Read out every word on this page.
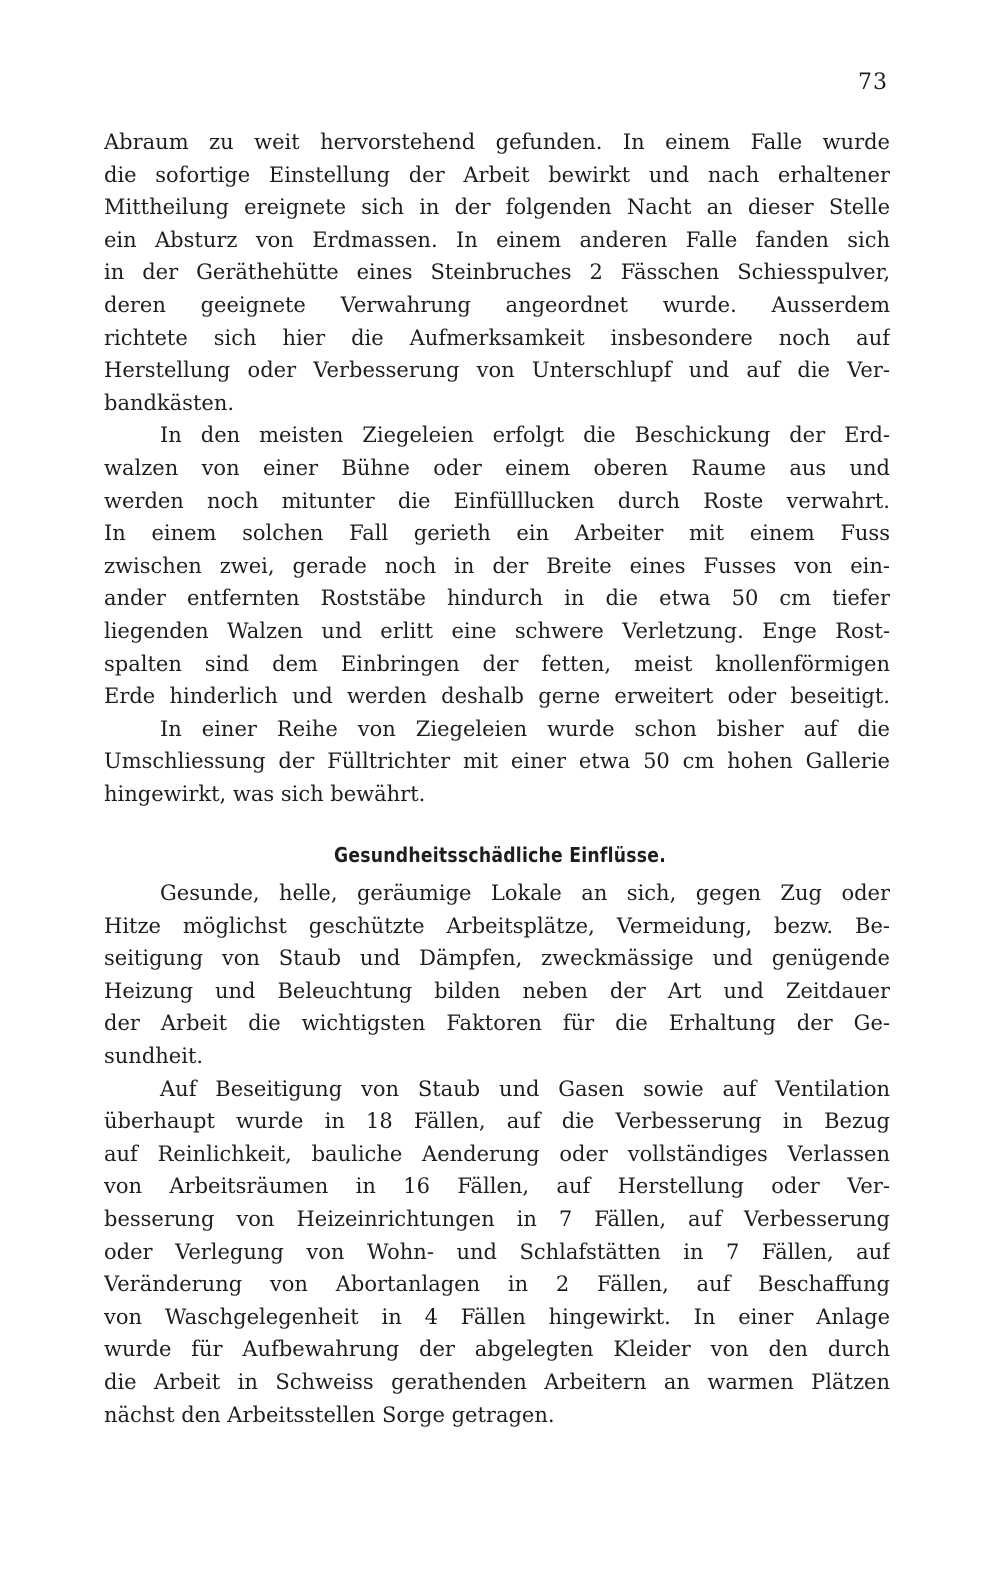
73
Abraum zu weit hervorstehend gefunden. In einem Falle wurde
die sofortige Einstellung der Arbeit bewirkt und nach erhaltener
Mittheilung ereignete sich in der folgenden Nacht an dieser Stelle
ein Absturz von Erdmassen. In einem anderen Falle fanden sich
in der Geräthehütte eines Steinbruches 2 Fässchen Schiesspulver,
deren geeignete Verwahrung angeordnet wurde. Ausserdem
richtete sich hier die Aufmerksamkeit insbesondere noch auf
Herstellung oder Verbesserung von Unterschlupf und auf die Ver-
bandkästen.
In den meisten Ziegeleien erfolgt die Beschickung der Erd-
walzen von einer Bühne oder einem oberen Raume aus und
werden noch mitunter die Einfülllucken durch Roste verwahrt.
In einem solchen Fall gerieth ein Arbeiter mit einem Fuss
zwischen zwei, gerade noch in der Breite eines Fusses von ein-
ander entfernten Roststäbe hindurch in die etwa 50 cm tiefer
liegenden Walzen und erlitt eine schwere Verletzung. Enge Rost-
spalten sind dem Einbringen der fetten, meist knollenförmigen
Erde hinderlich und werden deshalb gerne erweitert oder beseitigt.
In einer Reihe von Ziegeleien wurde schon bisher auf die
Umschliessung der Fülltrichter mit einer etwa 50 cm hohen Gallerie
hingewirkt, was sich bewährt.
Gesundheitsschädliche Einflüsse.
Gesunde, helle, geräumige Lokale an sich, gegen Zug oder
Hitze möglichst geschützte Arbeitsplätze, Vermeidung, bezw. Be-
seitigung von Staub und Dämpfen, zweckmässige und genügende
Heizung und Beleuchtung bilden neben der Art und Zeitdauer
der Arbeit die wichtigsten Faktoren für die Erhaltung der Ge-
sundheit.
Auf Beseitigung von Staub und Gasen sowie auf Ventilation
überhaupt wurde in 18 Fällen, auf die Verbesserung in Bezug
auf Reinlichkeit, bauliche Aenderung oder vollständiges Verlassen
von Arbeitsräumen in 16 Fällen, auf Herstellung oder Ver-
besserung von Heizeinrichtungen in 7 Fällen, auf Verbesserung
oder Verlegung von Wohn- und Schlafstätten in 7 Fällen, auf
Veränderung von Abortanlagen in 2 Fällen, auf Beschaffung
von Waschgelegenheit in 4 Fällen hingewirkt. In einer Anlage
wurde für Aufbewahrung der abgelegten Kleider von den durch
die Arbeit in Schweiss gerathenden Arbeitern an warmen Plätzen
nächst den Arbeitsstellen Sorge getragen.
